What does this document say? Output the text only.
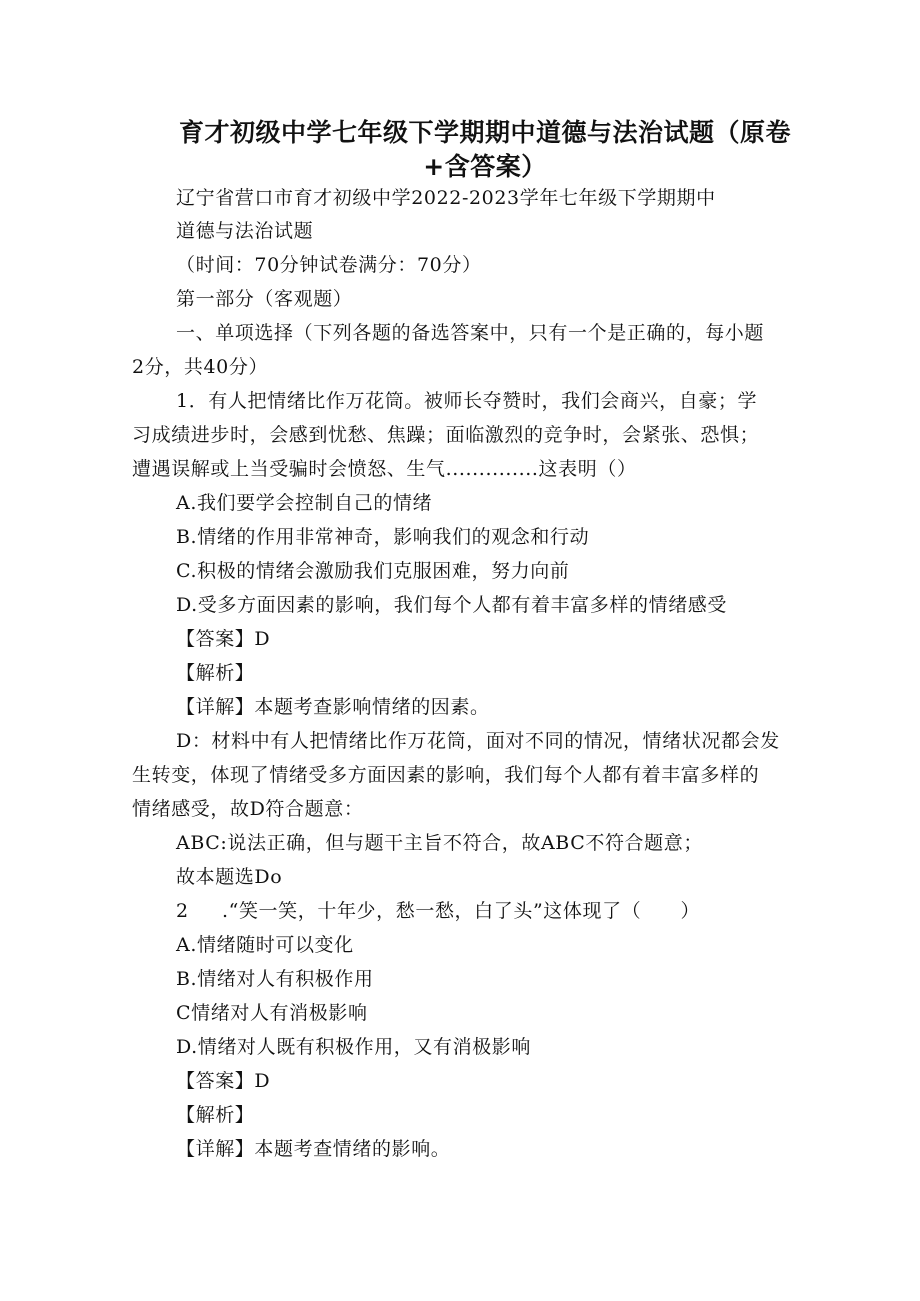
育才初级中学七年级下学期期中道德与法治试题（原卷
+含答案）
辽宁省营口市育才初级中学2022-2023学年七年级下学期期中
道德与法治试题
（时间：70分钟试卷满分：70分）
第一部分（客观题）
一、单项选择（下列各题的备选答案中，只有一个是正确的，每小题
2分，共40分）
1．有人把情绪比作万花筒。被师长夺赞时，我们会商兴，自豪；学
习成绩进步时，会感到忧愁、焦躁；面临激烈的竞争时，会紧张、恐惧；
遭遇误解或上当受骗时会愤怒、生气..............这表明（）
A.我们要学会控制自己的情绪
B.情绪的作用非常神奇，影响我们的观念和行动
C.积极的情绪会激励我们克服困难，努力向前
D.受多方面因素的影响，我们每个人都有着丰富多样的情绪感受
【答案】D
【解析】
【详解】本题考查影响情绪的因素。
D：材料中有人把情绪比作万花筒，面对不同的情况，情绪状况都会发
生转变，体现了情绪受多方面因素的影响，我们每个人都有着丰富多样的
情绪感受，故D符合题意：
ABC:说法正确，但与题干主旨不符合，故ABC不符合题意；
故本题选Do
2 .“笑一笑，十年少，愁一愁，白了头”这体现了（　　）
A.情绪随时可以变化
B.情绪对人有积极作用
C情绪对人有消极影响
D.情绪对人既有积极作用，又有消极影响
【答案】D
【解析】
【详解】本题考查情绪的影响。
